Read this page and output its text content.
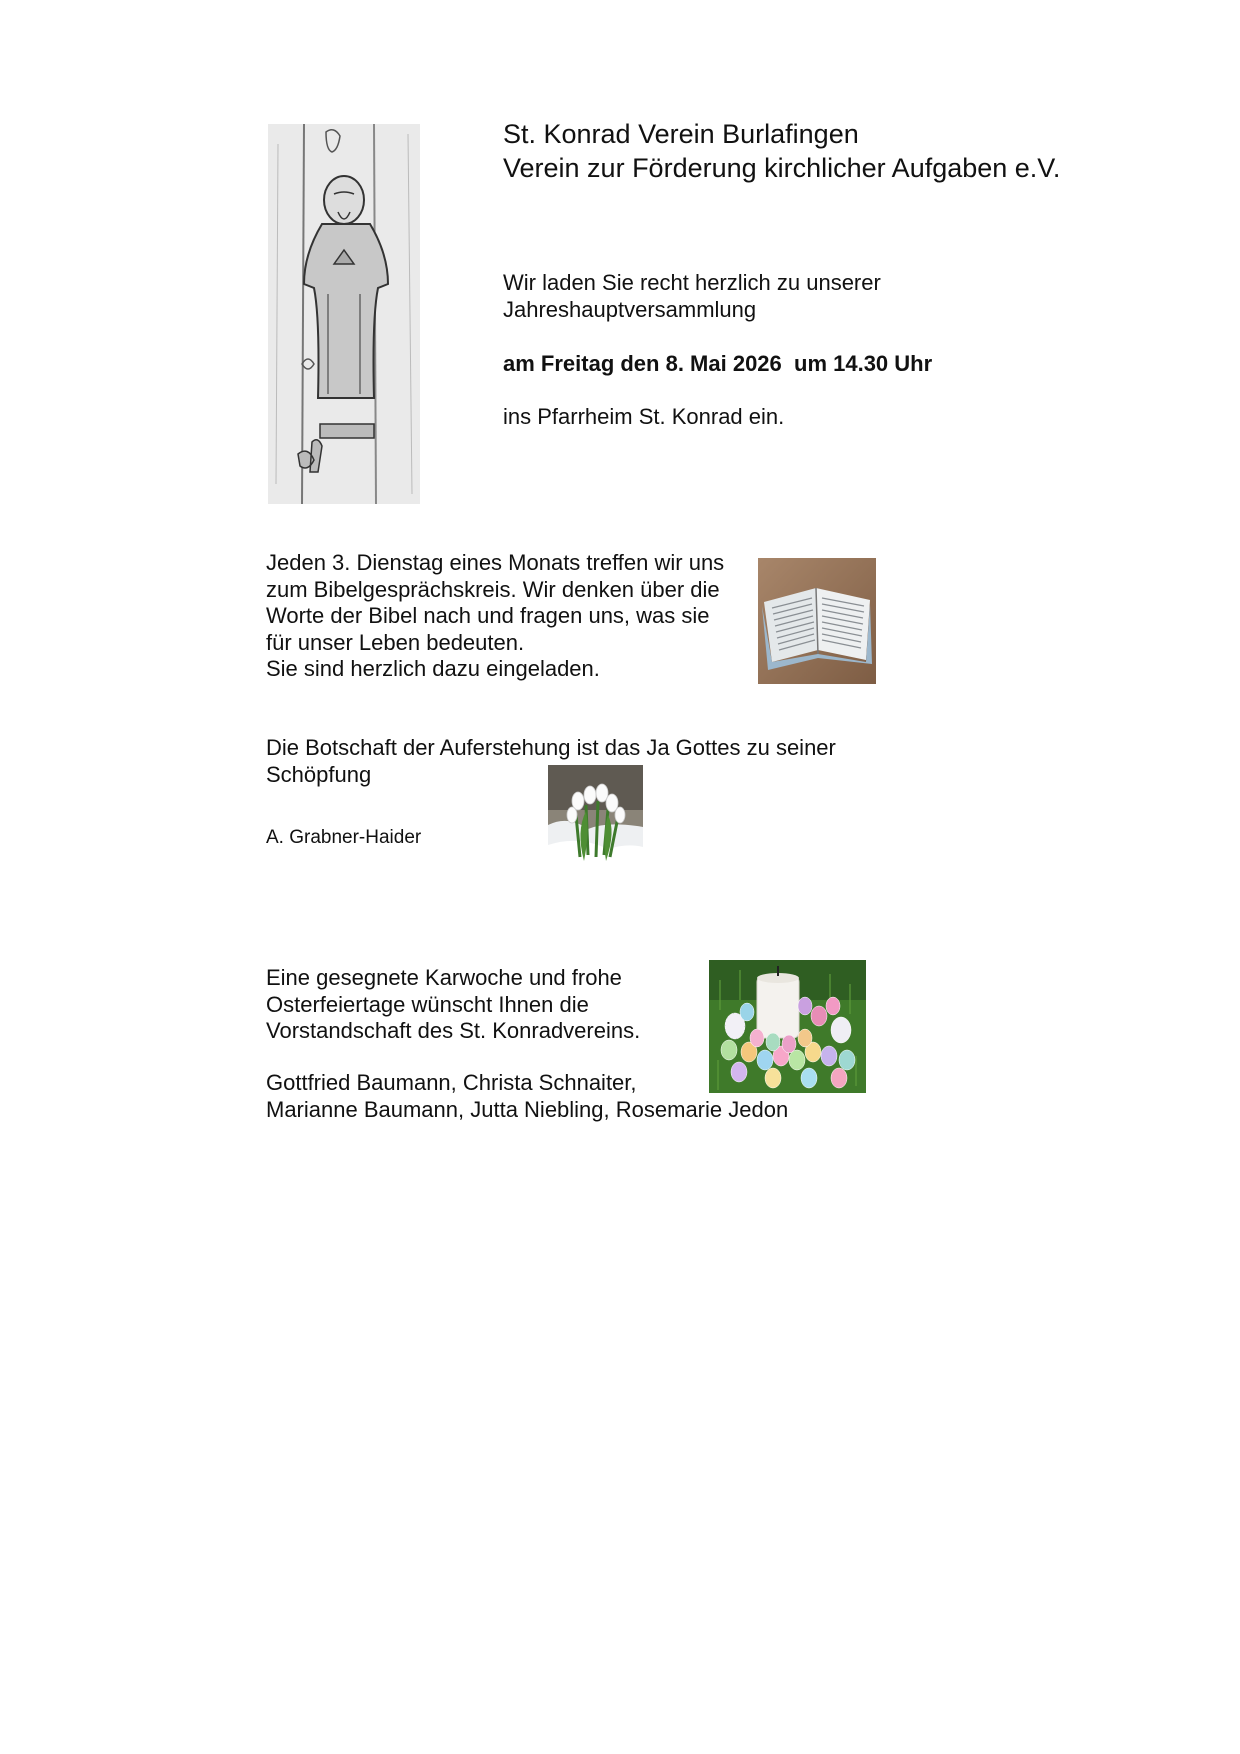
St. Konrad Verein Burlafingen
Verein zur Förderung kirchlicher Aufgaben e.V.
Wir laden Sie recht herzlich zu unserer
Jahreshauptversammlung
am Freitag den 8. Mai 2026  um 14.30 Uhr
ins Pfarrheim St. Konrad ein.
Jeden 3. Dienstag eines Monats treffen wir uns
zum Bibelgesprächskreis. Wir denken über die
Worte der Bibel nach und fragen uns, was sie
für unser Leben bedeuten.
Sie sind herzlich dazu eingeladen.
Die Botschaft der Auferstehung ist das Ja Gottes zu seiner
Schöpfung
A. Grabner-Haider
Eine gesegnete Karwoche und frohe
Osterfeiertage wünscht Ihnen die
Vorstandschaft des St. Konradvereins.
Gottfried Baumann, Christa Schnaiter,
Marianne Baumann, Jutta Niebling, Rosemarie Jedon
